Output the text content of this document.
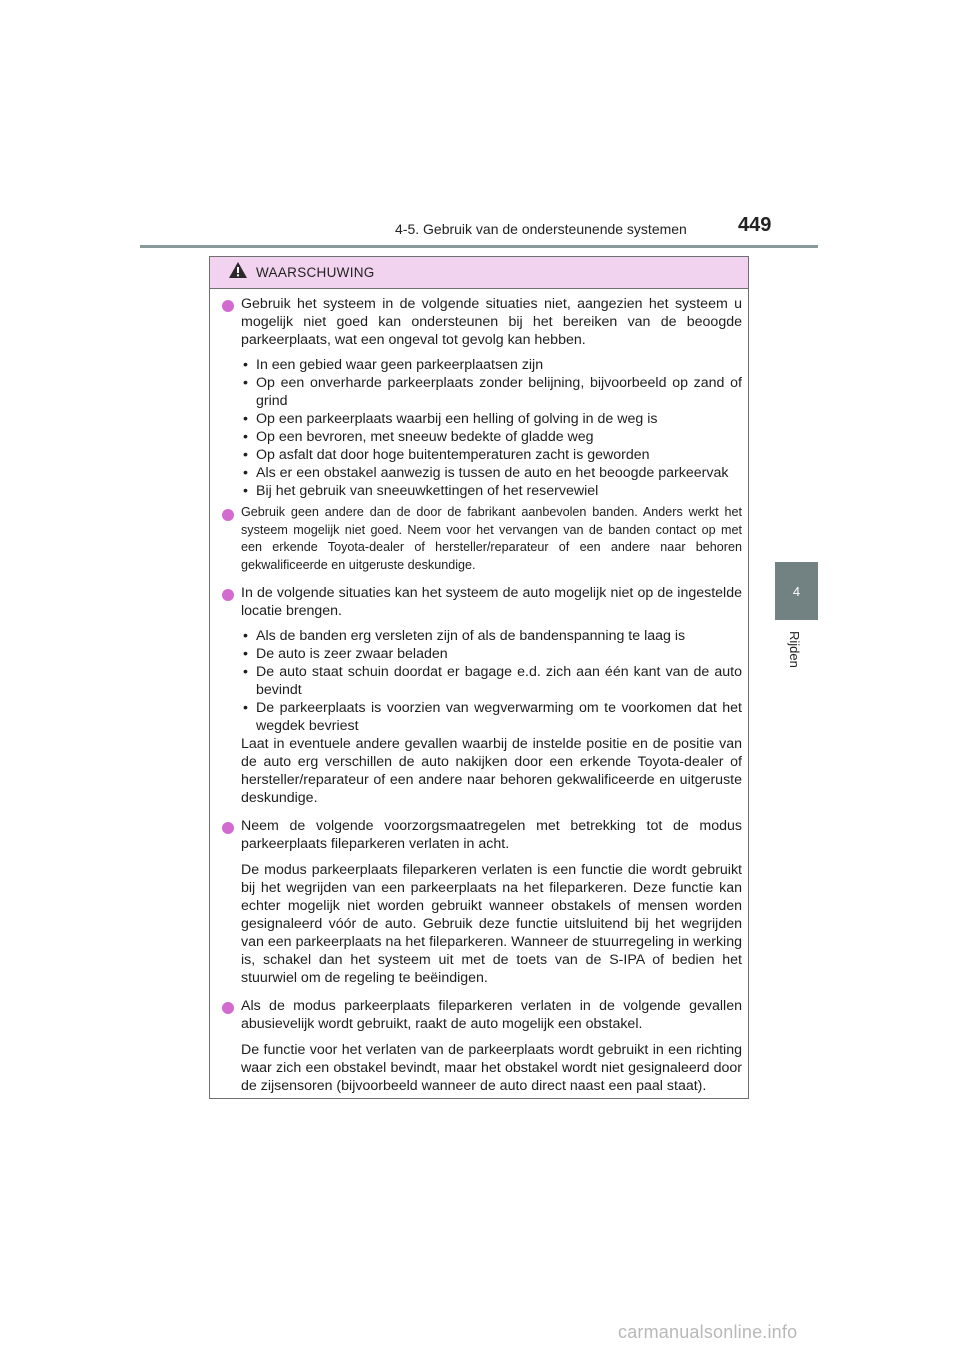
4-5. Gebruik van de ondersteunende systemen	449
4
Rijden
WAARSCHUWING

Gebruik het systeem in de volgende situaties niet, aangezien het systeem u mogelijk niet goed kan ondersteunen bij het bereiken van de beoogde parkeerplaats, wat een ongeval tot gevolg kan hebben.

• In een gebied waar geen parkeerplaatsen zijn
• Op een onverharde parkeerplaats zonder belijning, bijvoorbeeld op zand of grind
• Op een parkeerplaats waarbij een helling of golving in de weg is
• Op een bevroren, met sneeuw bedekte of gladde weg
• Op asfalt dat door hoge buitentemperaturen zacht is geworden
• Als er een obstakel aanwezig is tussen de auto en het beoogde parkeervak
• Bij het gebruik van sneeuwkettingen of het reservewiel

Gebruik geen andere dan de door de fabrikant aanbevolen banden. Anders werkt het systeem mogelijk niet goed. Neem voor het vervangen van de banden contact op met een erkende Toyota-dealer of hersteller/reparateur of een andere naar behoren gekwalificeerde en uitgeruste deskundige.

In de volgende situaties kan het systeem de auto mogelijk niet op de ingestelde locatie brengen.

• Als de banden erg versleten zijn of als de bandenspanning te laag is
• De auto is zeer zwaar beladen
• De auto staat schuin doordat er bagage e.d. zich aan één kant van de auto bevindt
• De parkeerplaats is voorzien van wegverwarming om te voorkomen dat het wegdek bevriest

Laat in eventuele andere gevallen waarbij de instelde positie en de positie van de auto erg verschillen de auto nakijken door een erkende Toyota-dealer of hersteller/reparateur of een andere naar behoren gekwalificeerde en uitgeruste deskundige.

Neem de volgende voorzorgsmaatregelen met betrekking tot de modus parkeerplaats fileparkeren verlaten in acht.

De modus parkeerplaats fileparkeren verlaten is een functie die wordt gebruikt bij het wegrijden van een parkeerplaats na het fileparkeren. Deze functie kan echter mogelijk niet worden gebruikt wanneer obstakels of mensen worden gesignaleerd vóór de auto. Gebruik deze functie uitsluitend bij het wegrijden van een parkeerplaats na het fileparkeren. Wanneer de stuurregeling in werking is, schakel dan het systeem uit met de toets van de S-IPA of bedien het stuurwiel om de regeling te beëindigen.

Als de modus parkeerplaats fileparkeren verlaten in de volgende gevallen abusievelijk wordt gebruikt, raakt de auto mogelijk een obstakel.

De functie voor het verlaten van de parkeerplaats wordt gebruikt in een richting waar zich een obstakel bevindt, maar het obstakel wordt niet gesignaleerd door de zijsensoren (bijvoorbeeld wanneer de auto direct naast een paal staat).

carmanualsonline.info
